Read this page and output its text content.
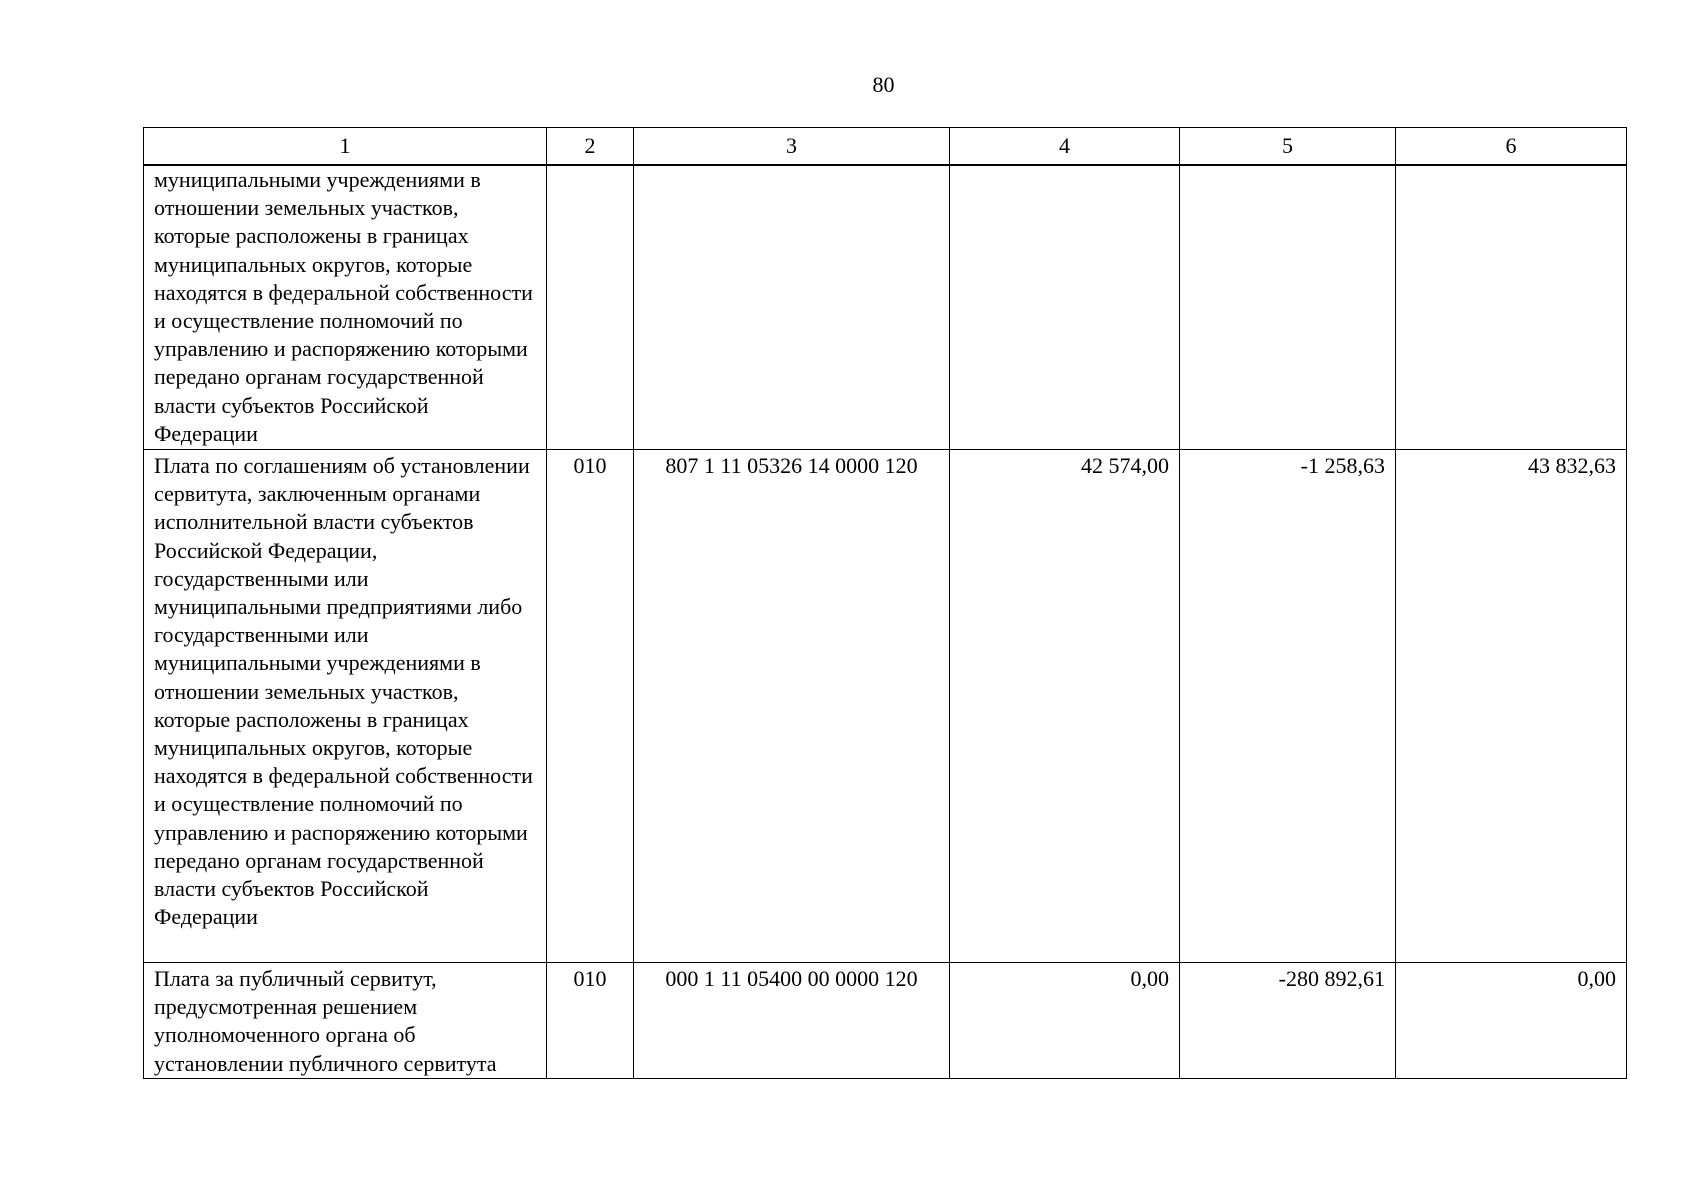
80
1	2	3	4	5	6
муниципальными учреждениями в отношении земельных участков, которые расположены в границах муниципальных округов, которые находятся в федеральной собственности и осуществление полномочий по управлению и распоряжению которыми передано органам государственной власти субъектов Российской Федерации					
Плата по соглашениям об установлении сервитута, заключенным органами исполнительной власти субъектов Российской Федерации, государственными или муниципальными предприятиями либо государственными или муниципальными учреждениями в отношении земельных участков, которые расположены в границах муниципальных округов, которые находятся в федеральной собственности и осуществление полномочий по управлению и распоряжению которыми передано органам государственной власти субъектов Российской Федерации	010	807 1 11 05326 14 0000 120	42 574,00	-1 258,63	43 832,63
Плата за публичный сервитут, предусмотренная решением уполномоченного органа об установлении публичного сервитута	010	000 1 11 05400 00 0000 120	0,00	-280 892,61	0,00
